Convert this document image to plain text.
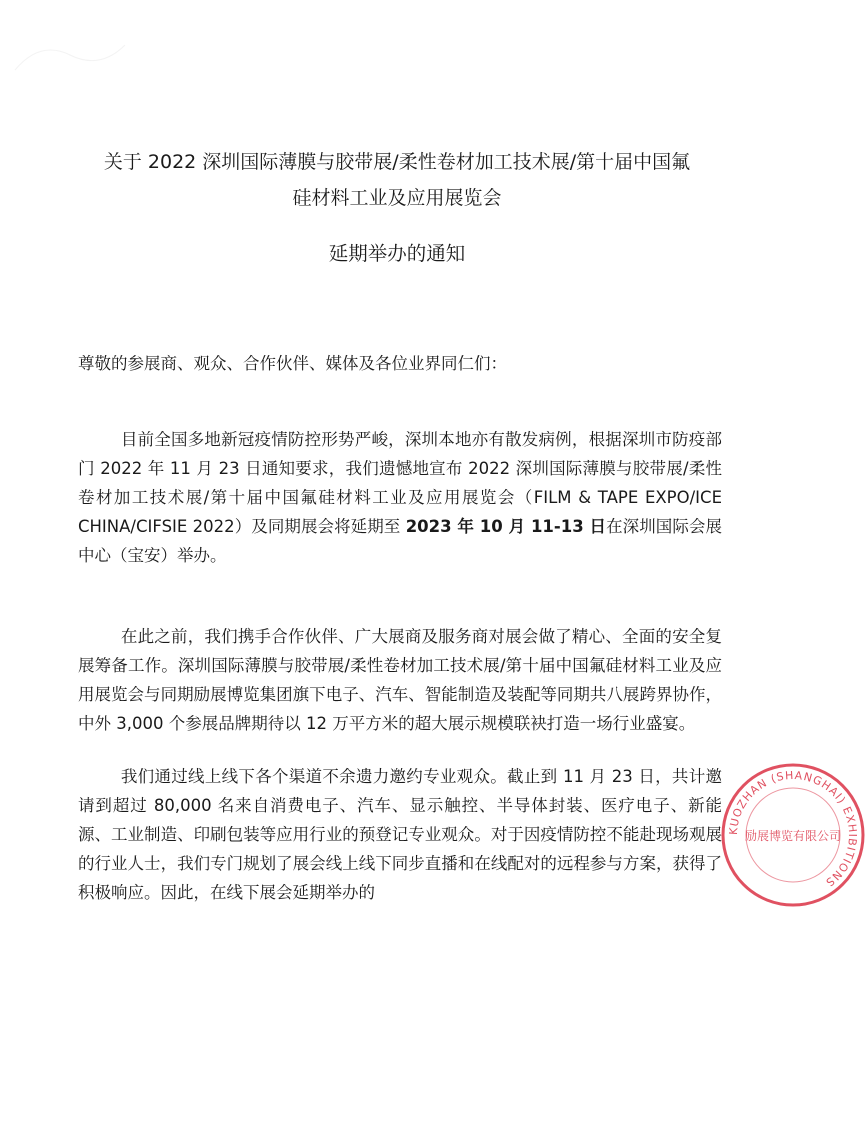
关于 2022 深圳国际薄膜与胶带展/柔性卷材加工技术展/第十届中国氟
硅材料工业及应用展览会
延期举办的通知

尊敬的参展商、观众、合作伙伴、媒体及各位业界同仁们：

目前全国多地新冠疫情防控形势严峻，深圳本地亦有散发病例，根据深圳市防疫部门 2022 年 11 月 23 日通知要求，我们遗憾地宣布 2022 深圳国际薄膜与胶带展/柔性卷材加工技术展/第十届中国氟硅材料工业及应用展览会（FILM & TAPE EXPO/ICE CHINA/CIFSIE 2022）及同期展会将延期至 2023 年 10 月 11-13 日在深圳国际会展中心（宝安）举办。

在此之前，我们携手合作伙伴、广大展商及服务商对展会做了精心、全面的安全复展筹备工作。深圳国际薄膜与胶带展/柔性卷材加工技术展/第十届中国氟硅材料工业及应用展览会与同期励展博览集团旗下电子、汽车、智能制造及装配等同期共八展跨界协作，中外 3,000 个参展品牌期待以 12 万平方米的超大展示规模联袂打造一场行业盛宴。

我们通过线上线下各个渠道不余遗力邀约专业观众。截止到 11 月 23 日，共计邀请到超过 80,000 名来自消费电子、汽车、显示触控、半导体封装、医疗电子、新能源、工业制造、印刷包装等应用行业的预登记专业观众。对于因疫情防控不能赴现场观展的行业人士，我们专门规划了展会线上线下同步直播和在线配对的远程参与方案，获得了积极响应。因此，在线下展会延期举办的

KUOZHAN (SHANGHAI) EXHIBITIONS
励展博览有限公司
